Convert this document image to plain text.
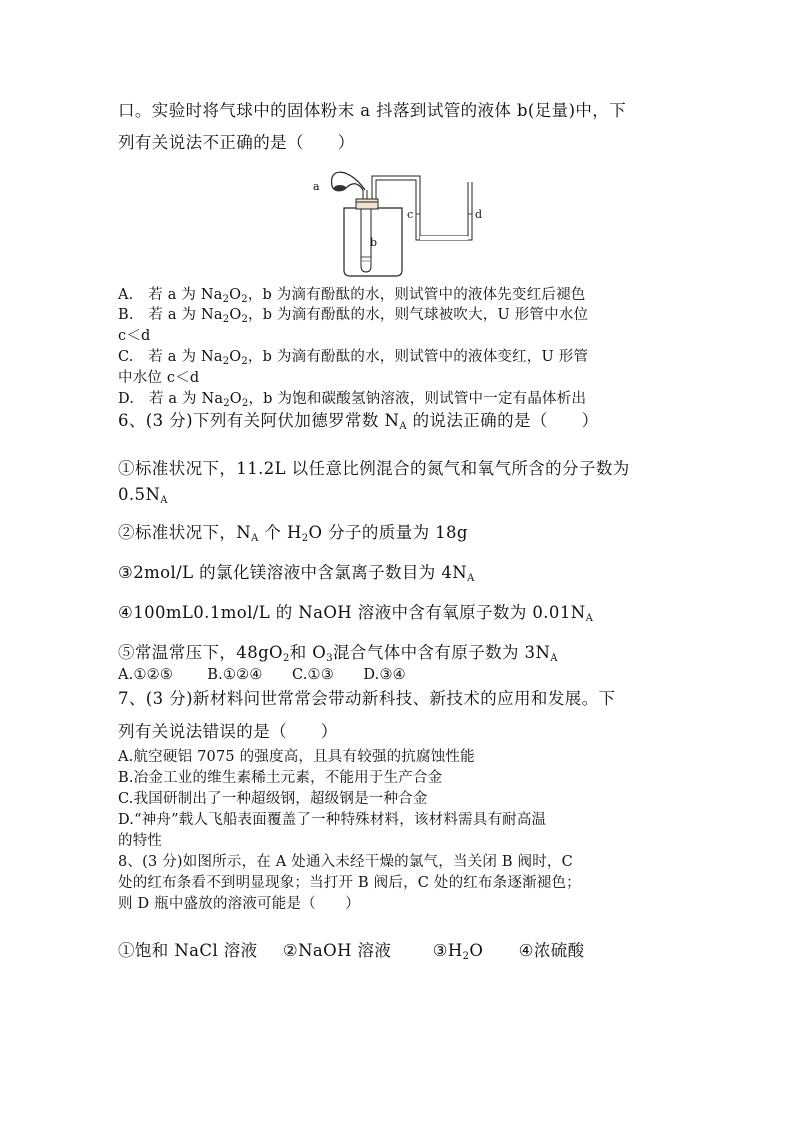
口。实验时将气球中的固体粉末 a 抖落到试管的液体 b(足量)中，下
列有关说法不正确的是（　　）
a
b
c	d
A.　若 a 为 $Na_2O_2$，b 为滴有酚酞的水，则试管中的液体先变红后褪色
B.　若 a 为 $Na_2O_2$，b 为滴有酚酞的水，则气球被吹大，U 形管中水位
c＜d
C.　若 a 为 $Na_2O_2$，b 为滴有酚酞的水，则试管中的液体变红，U 形管
中水位 c＜d
D.　若 a 为 $Na_2O_2$，b 为饱和碳酸氢钠溶液，则试管中一定有晶体析出
6、(3 分)下列有关阿伏加德罗常数 $N_A$ 的说法正确的是（　　）
①标准状况下，11.2L 以任意比例混合的氮气和氧气所含的分子数为
$0.5N_A$
②标准状况下，$N_A$ 个 $H_2O$ 分子的质量为 18g
③2mol/L 的氯化镁溶液中含氯离子数目为 $4N_A$
④100mL0.1mol/L 的 NaOH 溶液中含有氧原子数为 $0.01N_A$
⑤常温常压下，$48gO_2$和 $O_3$混合气体中含有原子数为 $3N_A$
A.①②⑤　　 B.①②④　　C.①③　　D.③④
7、(3 分)新材料问世常常会带动新科技、新技术的应用和发展。下
列有关说法错误的是（　　）
A.航空硬铝 7075 的强度高，且具有较强的抗腐蚀性能
B.冶金工业的维生素稀土元素，不能用于生产合金
C.我国研制出了一种超级钢，超级钢是一种合金
D.“神舟”载人飞船表面覆盖了一种特殊材料，该材料需具有耐高温
的特性
8、(3 分)如图所示，在 A 处通入未经干燥的氯气，当关闭 B 阀时，C
处的红布条看不到明显现象；当打开 B 阀后，C 处的红布条逐渐褪色；
则 D 瓶中盛放的溶液可能是（　　）
①饱和 NaCl 溶液 ②NaOH 溶液	$③H_2O$ ④浓硫酸
